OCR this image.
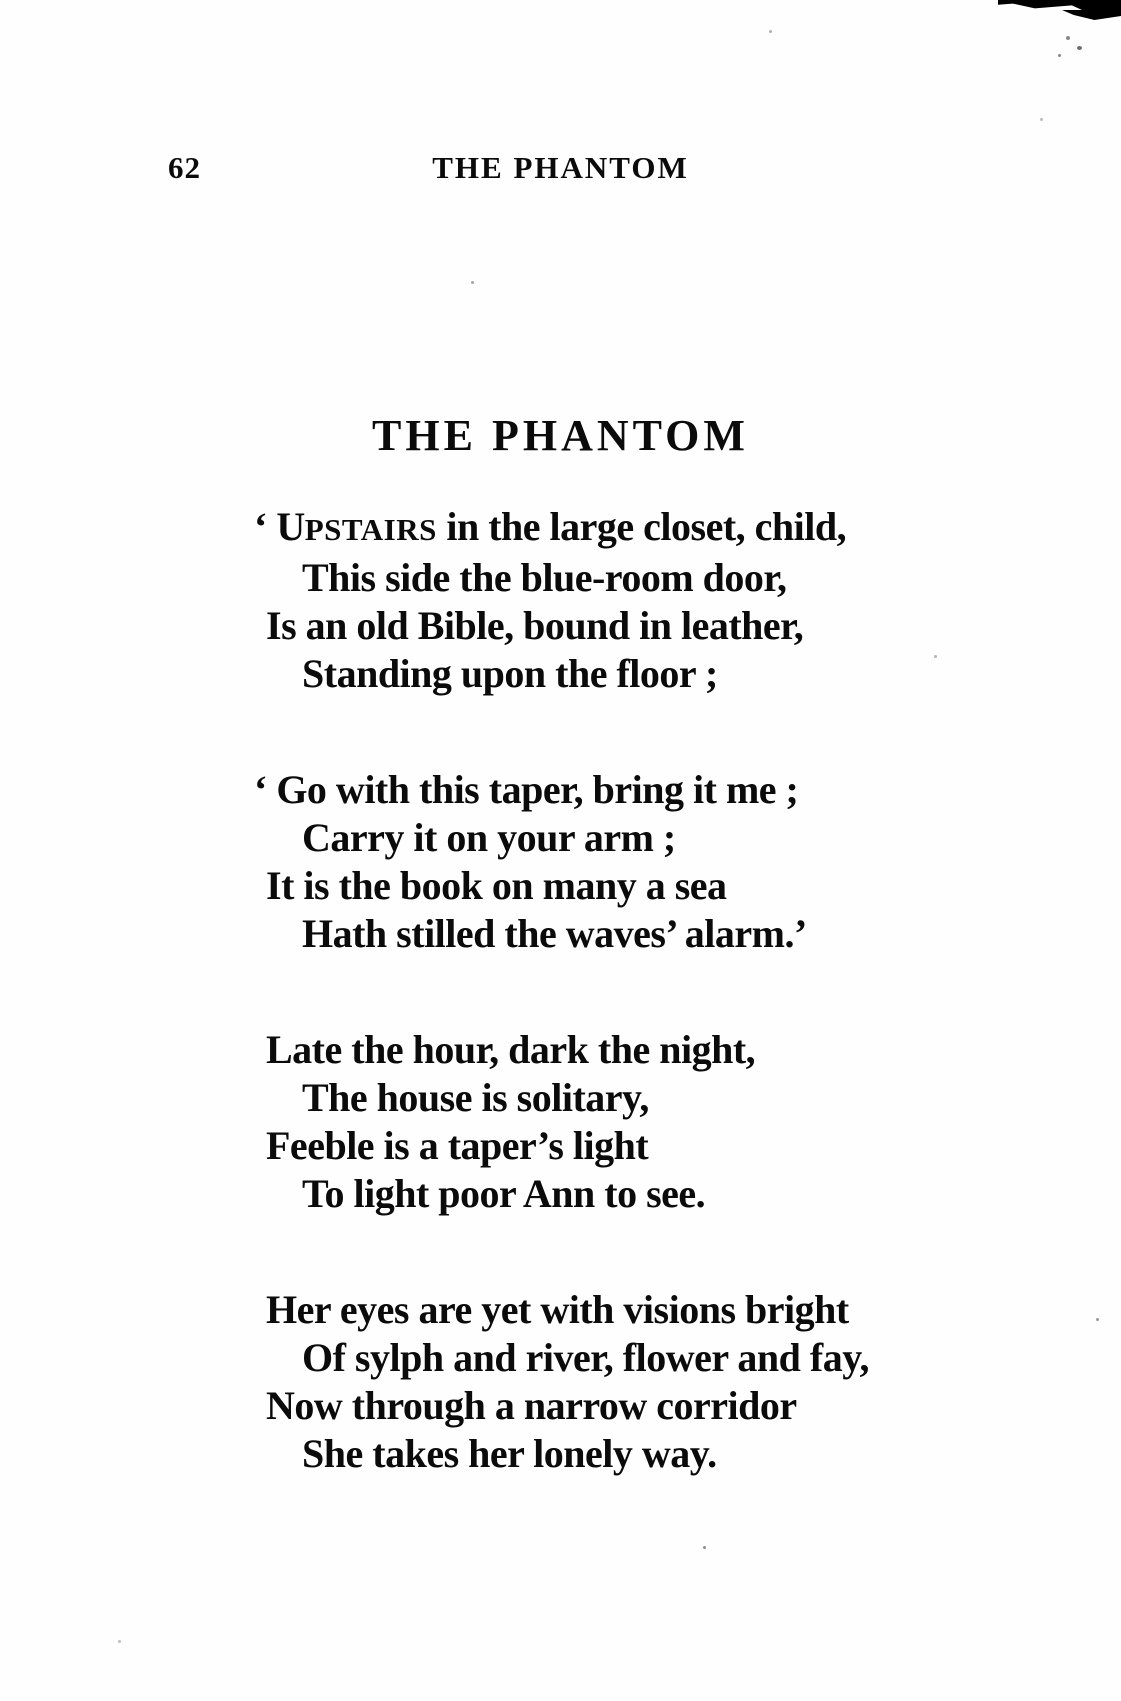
62	THE PHANTOM
THE PHANTOM
‘ UPSTAIRS in the large closet, child,
This side the blue-room door,
Is an old Bible, bound in leather,
Standing upon the floor ;
‘ Go with this taper, bring it me ;
Carry it on your arm ;
It is the book on many a sea
Hath stilled the waves’ alarm.’
Late the hour, dark the night,
The house is solitary,
Feeble is a taper’s light
To light poor Ann to see.
Her eyes are yet with visions bright
Of sylph and river, flower and fay,
Now through a narrow corridor
She takes her lonely way.
